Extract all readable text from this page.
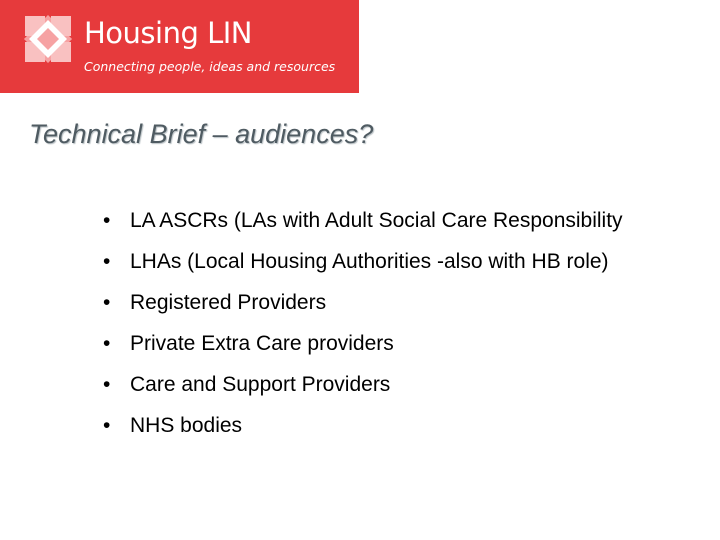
Housing LIN
Connecting people, ideas and resources
Technical Brief – audiences?
• LA ASCRs (LAs with Adult Social Care Responsibility
• LHAs (Local Housing Authorities -also with HB role)
• Registered Providers
• Private Extra Care providers
• Care and Support Providers
• NHS bodies
